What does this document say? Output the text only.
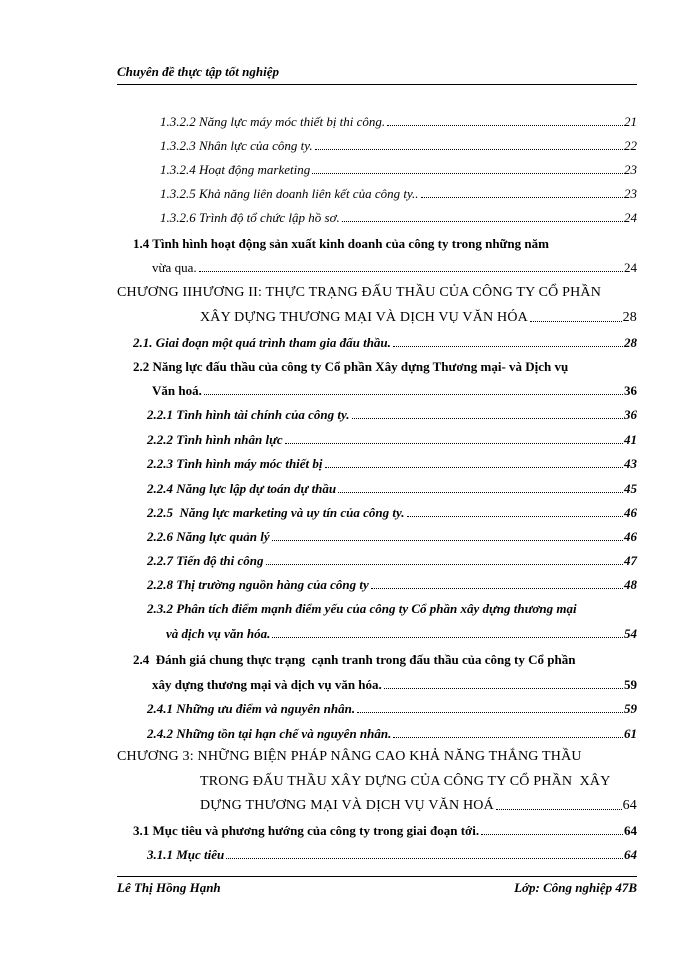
Chuyên đề thực tập tốt nghiệp
1.3.2.2 Năng lực máy móc thiết bị thi công.	21
1.3.2.3 Nhân lực của công ty.	22
1.3.2.4 Hoạt động marketing	23
1.3.2.5 Khả năng liên doanh liên kết của công ty..	23
1.3.2.6 Trình độ tổ chức lập hồ sơ.	24
1.4 Tình hình hoạt động sản xuất kinh doanh của công ty trong những năm
vừa qua.	24
CHƯƠNG IIHƯƠNG II: THỰC TRẠNG ĐẤU THẦU CỦA CÔNG TY CỔ PHẦN
XÂY DỰNG THƯƠNG MẠI VÀ DỊCH VỤ VĂN HÓA	28
2.1. Giai đoạn một quá trình tham gia đấu thầu.	28
2.2 Năng lực đấu thầu của công ty Cổ phần Xây dựng Thương mại- và Dịch vụ
Văn hoá.	36
2.2.1 Tình hình tài chính của công ty.	36
2.2.2 Tình hình nhân lực	41
2.2.3 Tình hình máy móc thiết bị	43
2.2.4 Năng lực lập dự toán dự thầu	45
2.2.5  Năng lực marketing và uy tín của công ty.	46
2.2.6 Năng lực quản lý	46
2.2.7 Tiến độ thi công	47
2.2.8 Thị trường nguồn hàng của công ty	48
2.3.2 Phân tích điểm mạnh điểm yếu của công ty Cổ phần xây dựng thương mại
và dịch vụ văn hóa.	54
2.4  Đánh giá chung thực trạng  cạnh tranh trong đấu thầu của công ty Cổ phần
xây dựng thương mại và dịch vụ văn hóa.	59
2.4.1 Những ưu điểm và nguyên nhân.	59
2.4.2 Những tồn tại hạn chế và nguyên nhân.	61
CHƯƠNG 3: NHỮNG BIỆN PHÁP NÂNG CAO KHẢ NĂNG THẮNG THẦU
TRONG ĐẤU THẦU XÂY DỰNG CỦA CÔNG TY CỔ PHẦN  XÂY
DỰNG THƯƠNG MẠI VÀ DỊCH VỤ VĂN HOÁ	64
3.1 Mục tiêu và phương hướng của công ty trong giai đoạn tới.	64
3.1.1 Mục tiêu	64
Lê Thị Hồng Hạnh	Lớp: Công nghiệp 47B
